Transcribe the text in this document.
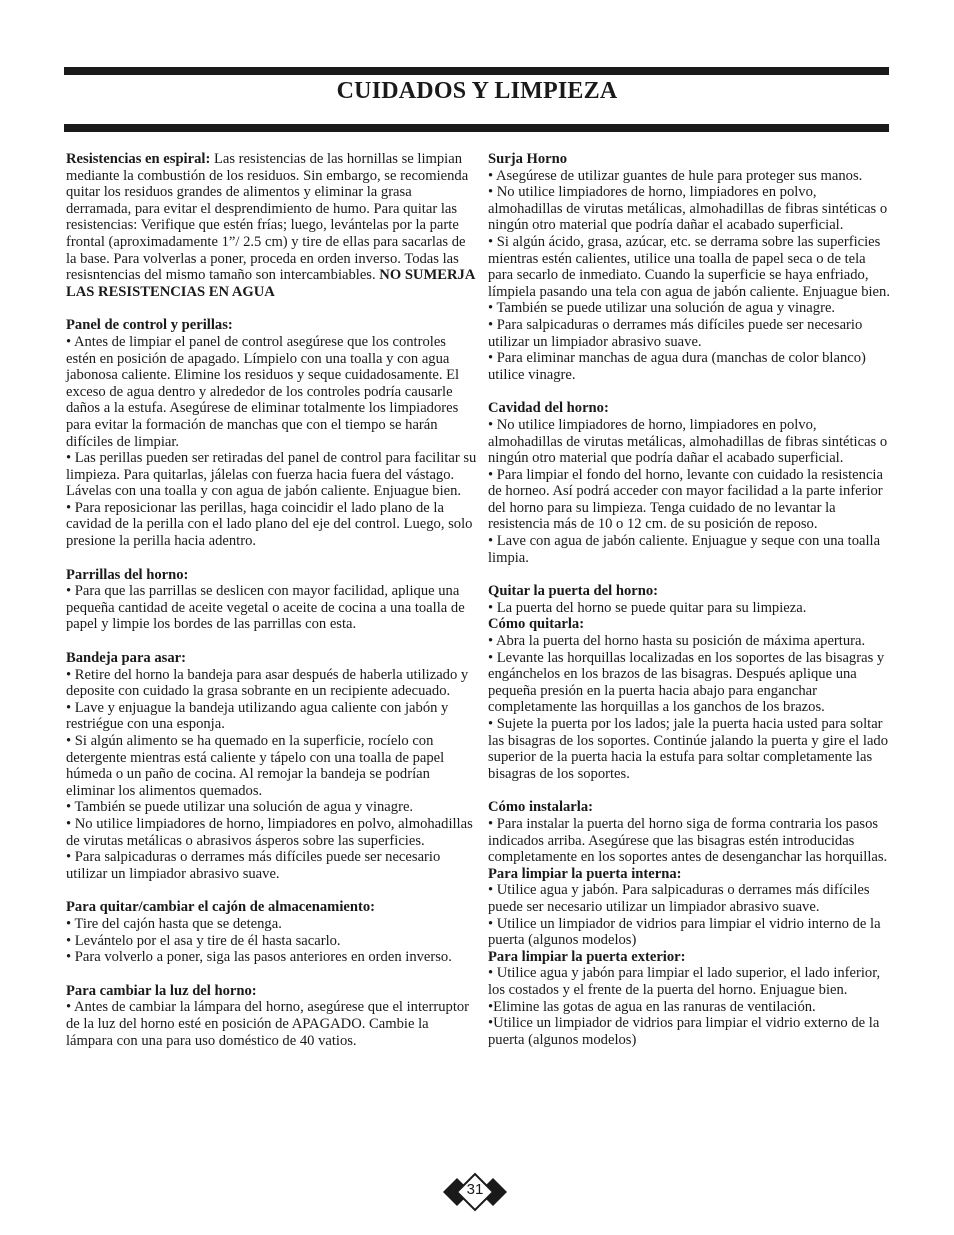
CUIDADOS Y LIMPIEZA
Resistencias en espiral: Las resistencias de las hornillas se limpian mediante la combustión de los residuos. Sin embargo, se recomienda quitar los residuos grandes de alimentos y eliminar la grasa derramada, para evitar el desprendimiento de humo. Para quitar las resistencias: Verifique que estén frías; luego, levántelas por la parte frontal (aproximadamente 1”/ 2.5 cm) y tire de ellas para sacarlas de la base. Para volverlas a poner, proceda en orden inverso. Todas las resisntencias del mismo tamaño son intercambiables. NO SUMERJA LAS RESISTENCIAS EN AGUA
Panel de control y perillas:
• Antes de limpiar el panel de control asegúrese que los controles estén en posición de apagado. Límpielo con una toalla y con agua jabonosa caliente. Elimine los residuos y seque cuidadosamente. El exceso de agua dentro y alrededor de los controles podría causarle daños a la estufa. Asegúrese de eliminar totalmente los limpiadores para evitar la formación de manchas que con el tiempo se harán difíciles de limpiar.
• Las perillas pueden ser retiradas del panel de control para facilitar su limpieza. Para quitarlas, jálelas con fuerza hacia fuera del vástago. Lávelas con una toalla y con agua de jabón caliente. Enjuague bien.
• Para reposicionar las perillas, haga coincidir el lado plano de la cavidad de la perilla con el lado plano del eje del control. Luego, solo presione la perilla hacia adentro.
Parrillas del horno:
• Para que las parrillas se deslicen con mayor facilidad, aplique una pequeña cantidad de aceite vegetal o aceite de cocina a una toalla de papel y limpie los bordes de las parrillas con esta.
Bandeja para asar:
• Retire del horno la bandeja para asar después de haberla utilizado y deposite con cuidado la grasa sobrante en un recipiente adecuado.
• Lave y enjuague la bandeja utilizando agua caliente con jabón y restriégue con una esponja.
• Si algún alimento se ha quemado en la superficie, rocíelo con detergente mientras está caliente y tápelo con una toalla de papel húmeda o un paño de cocina. Al remojar la bandeja se podrían eliminar los alimentos quemados.
• También se puede utilizar una solución de agua y vinagre.
• No utilice limpiadores de horno, limpiadores en polvo, almohadillas de virutas metálicas o abrasivos ásperos sobre las superficies.
• Para salpicaduras o derrames más difíciles puede ser necesario utilizar un limpiador abrasivo suave.
Para quitar/cambiar el cajón de almacenamiento:
• Tire del cajón hasta que se detenga.
• Levántelo por el asa y tire de él hasta sacarlo.
• Para volverlo a poner, siga las pasos anteriores en orden inverso.
Para cambiar la luz del horno:
• Antes de cambiar la lámpara del horno, asegúrese que el interruptor de la luz del horno esté en posición de APAGADO. Cambie la lámpara con una para uso doméstico de 40 vatios.
Surja Horno
• Asegúrese de utilizar guantes de hule para proteger sus manos.
• No utilice limpiadores de horno, limpiadores en polvo, almohadillas de virutas metálicas, almohadillas de fibras sintéticas o ningún otro material que podría dañar el acabado superficial.
• Si algún ácido, grasa, azúcar, etc. se derrama sobre las superficies mientras estén calientes, utilice una toalla de papel seca o de tela para secarlo de inmediato. Cuando la superficie se haya enfriado, límpiela pasando una tela con agua de jabón caliente. Enjuague bien.
• También se puede utilizar una solución de agua y vinagre.
• Para salpicaduras o derrames más difíciles puede ser necesario utilizar un limpiador abrasivo suave.
• Para eliminar manchas de agua dura (manchas de color blanco) utilice vinagre.
Cavidad del horno:
• No utilice limpiadores de horno, limpiadores en polvo, almohadillas de virutas metálicas, almohadillas de fibras sintéticas o ningún otro material que podría dañar el acabado superficial.
• Para limpiar el fondo del horno, levante con cuidado la resistencia de horneo. Así podrá acceder con mayor facilidad a la parte inferior del horno para su limpieza. Tenga cuidado de no levantar la resistencia más de 10 o 12 cm. de su posición de reposo.
• Lave con agua de jabón caliente. Enjuague y seque con una toalla limpia.
Quitar la puerta del horno:
• La puerta del horno se puede quitar para su limpieza.
Cómo quitarla:
• Abra la puerta del horno hasta su posición de máxima apertura.
• Levante las horquillas localizadas en los soportes de las bisagras y engánchelos en los brazos de las bisagras. Después aplique una pequeña presión en la puerta hacia abajo para enganchar completamente las horquillas a los ganchos de los brazos.
• Sujete la puerta por los lados; jale la puerta hacia usted para soltar las bisagras de los soportes. Continúe jalando la puerta y gire el lado superior de la puerta hacia la estufa para soltar completamente las bisagras de los soportes.
Cómo instalarla:
• Para instalar la puerta del horno siga de forma contraria los pasos indicados arriba. Asegúrese que las bisagras estén introducidas completamente en los soportes antes de desenganchar las horquillas.
Para limpiar la puerta interna:
• Utilice agua y jabón. Para salpicaduras o derrames más difíciles puede ser necesario utilizar un limpiador abrasivo suave.
• Utilice un limpiador de vidrios para limpiar el vidrio interno de la puerta (algunos modelos)
Para limpiar la puerta exterior:
• Utilice agua y jabón para limpiar el lado superior, el lado inferior, los costados y el frente de la puerta del horno. Enjuague bien.
•Elimine las gotas de agua en las ranuras de ventilación.
•Utilice un limpiador de vidrios para limpiar el vidrio externo de la puerta (algunos modelos)
31
